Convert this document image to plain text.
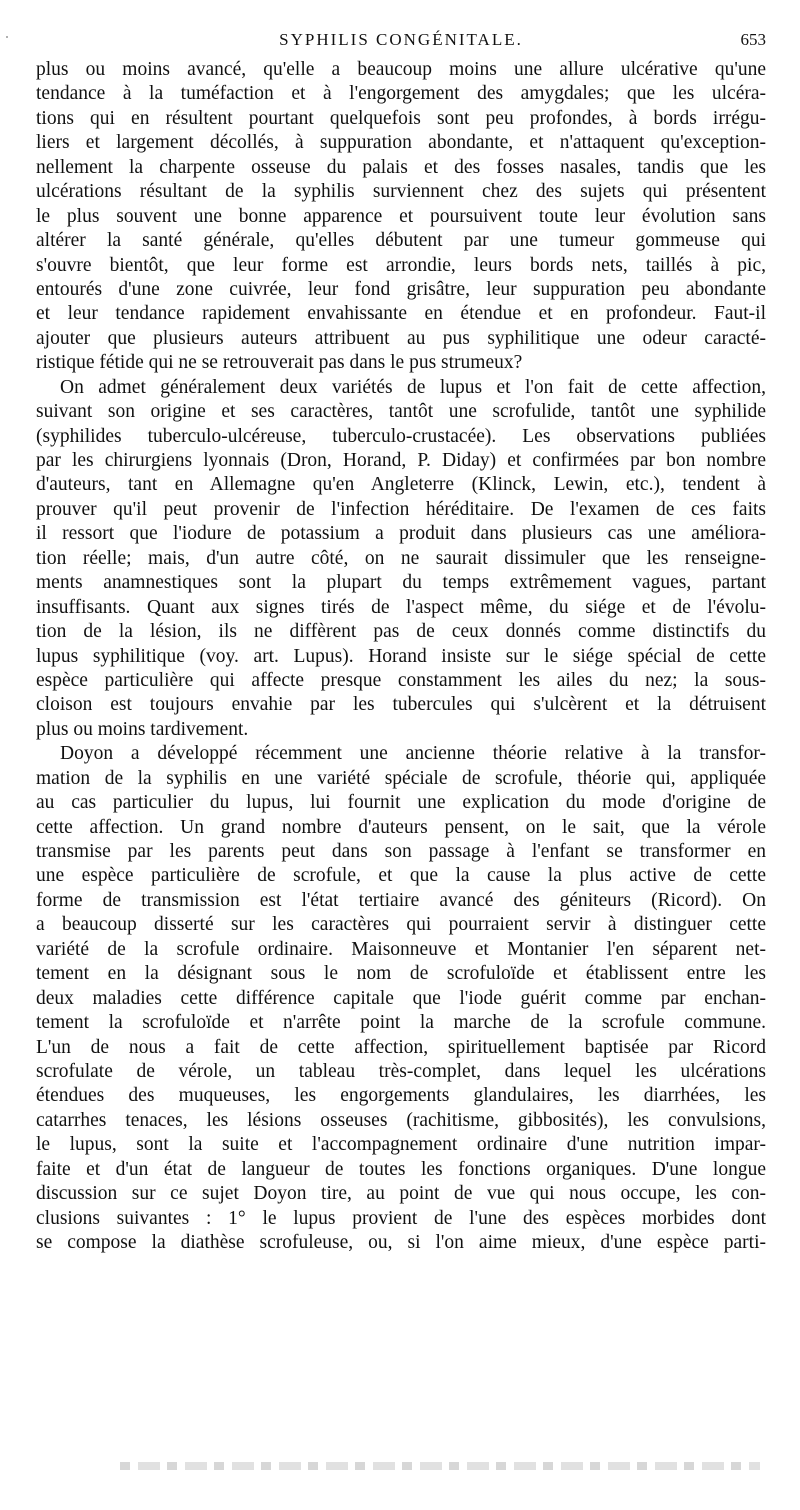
SYPHILIS CONGÉNITALE.	653
plus ou moins avancé, qu'elle a beaucoup moins une allure ulcérative qu'une
tendance à la tuméfaction et à l'engorgement des amygdales; que les ulcéra-
tions qui en résultent pourtant quelquefois sont peu profondes, à bords irrégu-
liers et largement décollés, à suppuration abondante, et n'attaquent qu'exception-
nellement la charpente osseuse du palais et des fosses nasales, tandis que les
ulcérations résultant de la syphilis surviennent chez des sujets qui présentent
le plus souvent une bonne apparence et poursuivent toute leur évolution sans
altérer la santé générale, qu'elles débutent par une tumeur gommeuse qui
s'ouvre bientôt, que leur forme est arrondie, leurs bords nets, taillés à pic,
entourés d'une zone cuivrée, leur fond grisâtre, leur suppuration peu abondante
et leur tendance rapidement envahissante en étendue et en profondeur. Faut-il
ajouter que plusieurs auteurs attribuent au pus syphilitique une odeur caracté-
ristique fétide qui ne se retrouverait pas dans le pus strumeux?
On admet généralement deux variétés de lupus et l'on fait de cette affection,
suivant son origine et ses caractères, tantôt une scrofulide, tantôt une syphilide
(syphilides tuberculo-ulcéreuse, tuberculo-crustacée). Les observations publiées
par les chirurgiens lyonnais (Dron, Horand, P. Diday) et confirmées par bon nombre
d'auteurs, tant en Allemagne qu'en Angleterre (Klinck, Lewin, etc.), tendent à
prouver qu'il peut provenir de l'infection héréditaire. De l'examen de ces faits
il ressort que l'iodure de potassium a produit dans plusieurs cas une améliora-
tion réelle; mais, d'un autre côté, on ne saurait dissimuler que les renseigne-
ments anamnestiques sont la plupart du temps extrêmement vagues, partant
insuffisants. Quant aux signes tirés de l'aspect même, du siége et de l'évolu-
tion de la lésion, ils ne diffèrent pas de ceux donnés comme distinctifs du
lupus syphilitique (voy. art. Lupus). Horand insiste sur le siége spécial de cette
espèce particulière qui affecte presque constamment les ailes du nez; la sous-
cloison est toujours envahie par les tubercules qui s'ulcèrent et la détruisent
plus ou moins tardivement.
Doyon a développé récemment une ancienne théorie relative à la transfor-
mation de la syphilis en une variété spéciale de scrofule, théorie qui, appliquée
au cas particulier du lupus, lui fournit une explication du mode d'origine de
cette affection. Un grand nombre d'auteurs pensent, on le sait, que la vérole
transmise par les parents peut dans son passage à l'enfant se transformer en
une espèce particulière de scrofule, et que la cause la plus active de cette
forme de transmission est l'état tertiaire avancé des géniteurs (Ricord). On
a beaucoup disserté sur les caractères qui pourraient servir à distinguer cette
variété de la scrofule ordinaire. Maisonneuve et Montanier l'en séparent net-
tement en la désignant sous le nom de scrofuloïde et établissent entre les
deux maladies cette différence capitale que l'iode guérit comme par enchan-
tement la scrofuloïde et n'arrête point la marche de la scrofule commune.
L'un de nous a fait de cette affection, spirituellement baptisée par Ricord
scrofulate de vérole, un tableau très-complet, dans lequel les ulcérations
étendues des muqueuses, les engorgements glandulaires, les diarrhées, les
catarrhes tenaces, les lésions osseuses (rachitisme, gibbosités), les convulsions,
le lupus, sont la suite et l'accompagnement ordinaire d'une nutrition impar-
faite et d'un état de langueur de toutes les fonctions organiques. D'une longue
discussion sur ce sujet Doyon tire, au point de vue qui nous occupe, les con-
clusions suivantes : 1° le lupus provient de l'une des espèces morbides dont
se compose la diathèse scrofuleuse, ou, si l'on aime mieux, d'une espèce parti-
